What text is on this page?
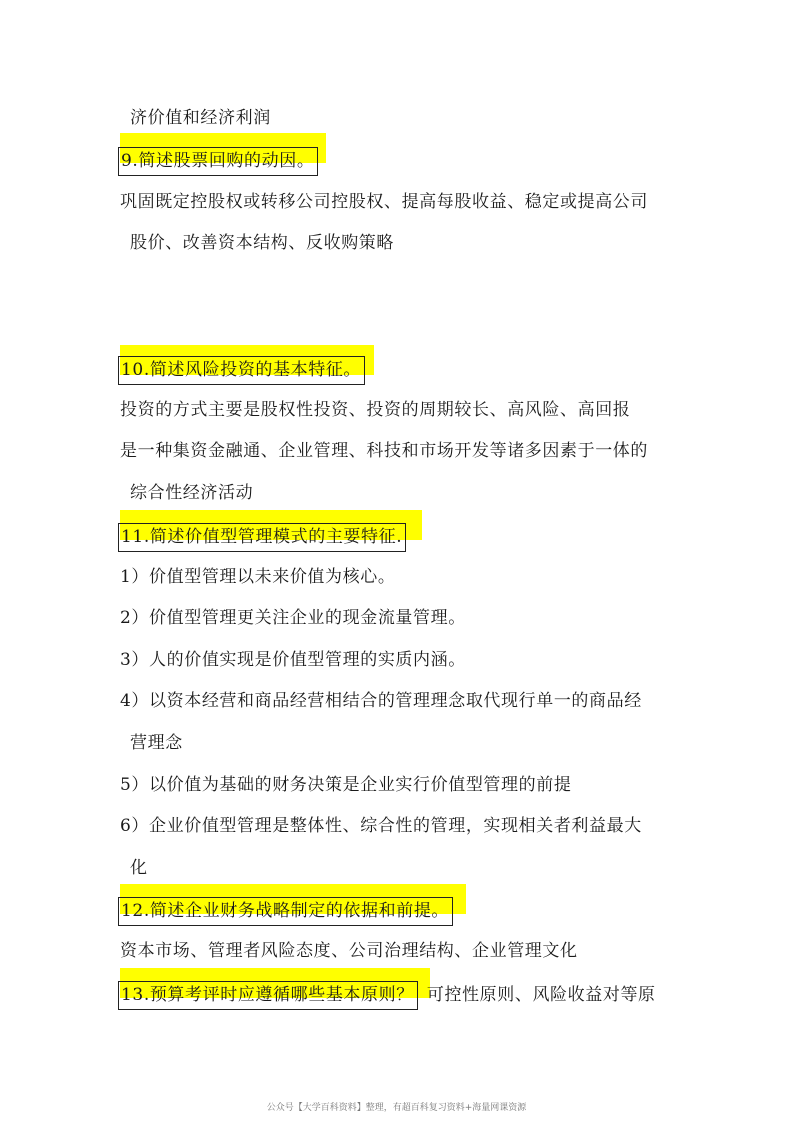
济价值和经济利润
9.简述股票回购的动因。
巩固既定控股权或转移公司控股权、提高每股收益、稳定或提高公司
股价、改善资本结构、反收购策略
10.简述风险投资的基本特征。
投资的方式主要是股权性投资、投资的周期较长、高风险、高回报
是一种集资金融通、企业管理、科技和市场开发等诸多因素于一体的
综合性经济活动
11.简述价值型管理模式的主要特征.
1）价值型管理以未来价值为核心。
2）价值型管理更关注企业的现金流量管理。
3）人的价值实现是价值型管理的实质内涵。
4）以资本经营和商品经营相结合的管理理念取代现行单一的商品经
营理念
5）以价值为基础的财务决策是企业实行价值型管理的前提
6）企业价值型管理是整体性、综合性的管理，实现相关者利益最大
化
12.简述企业财务战略制定的依据和前提。
资本市场、管理者风险态度、公司治理结构、企业管理文化
13.预算考评时应遵循哪些基本原则？ 可控性原则、风险收益对等原
公众号【大学百科资料】整理，有超百科复习资料+海量网课资源
